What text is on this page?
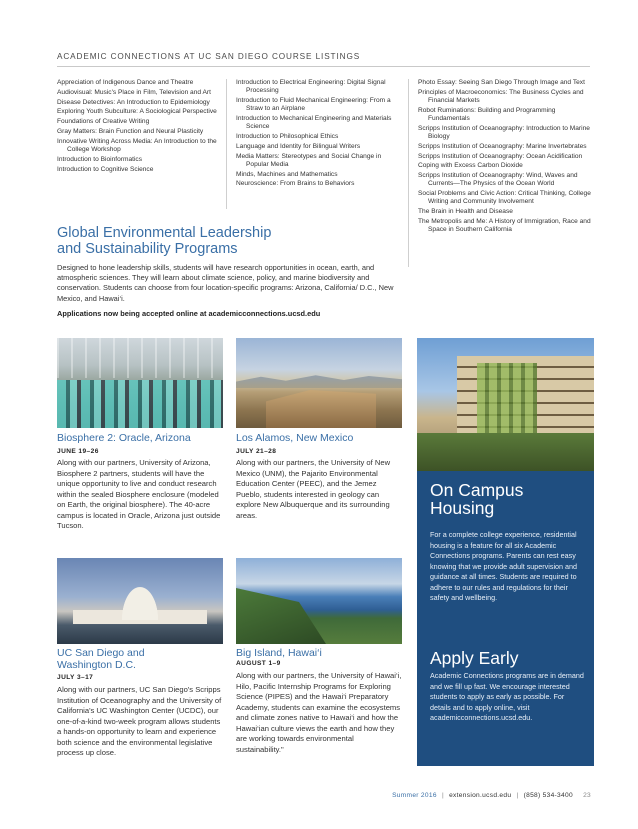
ACADEMIC CONNECTIONS AT UC SAN DIEGO COURSE LISTINGS
Appreciation of Indigenous Dance and Theatre
Audiovisual: Music's Place in Film, Television and Art
Disease Detectives: An Introduction to Epidemiology
Exploring Youth Subculture: A Sociological Perspective
Foundations of Creative Writing
Gray Matters: Brain Function and Neural Plasticity
Innovative Writing Across Media: An Introduction to the College Workshop
Introduction to Bioinformatics
Introduction to Cognitive Science
Introduction to Electrical Engineering: Digital Signal Processing
Introduction to Fluid Mechanical Engineering: From a Straw to an Airplane
Introduction to Mechanical Engineering and Materials Science
Introduction to Philosophical Ethics
Language and Identity for Bilingual Writers
Media Matters: Stereotypes and Social Change in Popular Media
Minds, Machines and Mathematics
Neuroscience: From Brains to Behaviors
Photo Essay: Seeing San Diego Through Image and Text
Principles of Macroeconomics: The Business Cycles and Financial Markets
Robot Ruminations: Building and Programming Fundamentals
Scripps Institution of Oceanography: Introduction to Marine Biology
Scripps Institution of Oceanography: Marine Invertebrates
Scripps Institution of Oceanography: Ocean Acidification
Coping with Excess Carbon Dioxide
Scripps Institution of Oceanography: Wind, Waves and Currents—The Physics of the Ocean World
Social Problems and Civic Action: Critical Thinking, College Writing and Community Involvement
The Brain in Health and Disease
The Metropolis and Me: A History of Immigration, Race and Space in Southern California
Global Environmental Leadership
and Sustainability Programs
Designed to hone leadership skills, students will have research opportunities in ocean, earth, and atmospheric sciences. They will learn about climate science, policy, and marine biodiversity and conservation. Students can choose from four location-specific programs: Arizona, California/ D.C., New Mexico, and Hawai‘i.
Applications now being accepted online at academicconnections.ucsd.edu
Biosphere 2: Oracle, Arizona
JUNE 19–26
Along with our partners, University of Arizona, Biosphere 2 partners, students will have the unique opportunity to live and conduct research within the sealed Biosphere enclosure (modeled on Earth, the original biosphere). The 40-acre campus is located in Oracle, Arizona just outside Tucson.
Los Alamos, New Mexico
JULY 21–28
Along with our partners, the University of New Mexico (UNM), the Pajarito Environmental Education Center (PEEC), and the Jemez Pueblo, students interested in geology can explore New Albuquerque and its surrounding areas.
UC San Diego and
Washington D.C.
JULY 3–17
Along with our partners, UC San Diego's Scripps Institution of Oceanography and the University of California's UC Washington Center (UCDC), our one-of-a-kind two-week program allows students a hands-on opportunity to learn and experience both science and the environmental legislative process up close.
Big Island, Hawai‘i
AUGUST 1–9
Along with our partners, the University of Hawai‘i, Hilo, Pacific Internship Programs for Exploring Science (PIPES) and the Hawai‘i Preparatory Academy, students can examine the ecosystems and climate zones native to Hawai‘i and how the Hawai‘ian culture views the earth and how they are working towards environmental sustainability."
On Campus
Housing
For a complete college experience, residential housing is a feature for all six Academic Connections programs. Parents can rest easy knowing that we provide adult supervision and guidance at all times. Students are required to adhere to our rules and regulations for their safety and wellbeing.
Apply Early
Academic Connections programs are in demand and we fill up fast. We encourage interested students to apply as early as possible. For details and to apply online, visit academicconnections.ucsd.edu.
Summer 2016 | extension.ucsd.edu | (858) 534-3400 23
